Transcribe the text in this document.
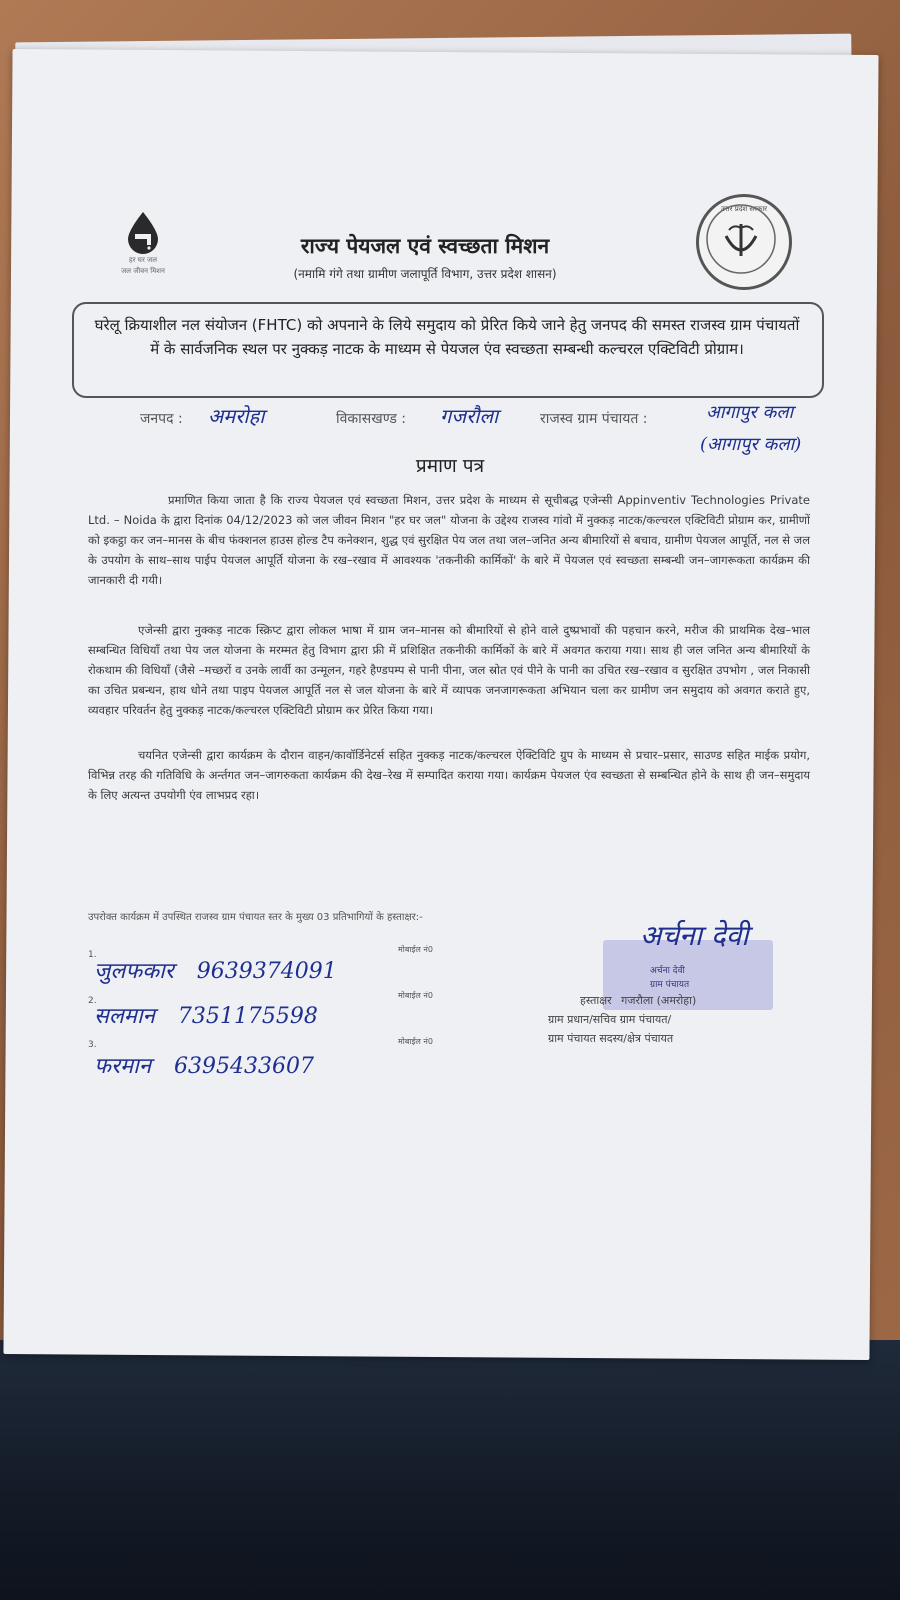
हर घर जल
जल जीवन मिशन
उत्तर प्रदेश सरकार
राज्य पेयजल एवं स्वच्छता मिशन
(नमामि गंगे तथा ग्रामीण जलापूर्ति विभाग, उत्तर प्रदेश शासन)
घरेलू क्रियाशील नल संयोजन (FHTC) को अपनाने के लिये समुदाय को प्रेरित किये जाने हेतु जनपद की समस्त राजस्व ग्राम पंचायतों में के सार्वजनिक स्थल पर नुक्कड़ नाटक के माध्यम से पेयजल एंव स्वच्छता सम्बन्धी कल्चरल एक्टिविटी प्रोग्राम।
जनपद : अमरोहा	विकासखण्ड : गजरौला	राजस्व ग्राम पंचायत :	आगापुर कला
(आगापुर कला)
प्रमाण पत्र
प्रमाणित किया जाता है कि राज्य पेयजल एवं स्वच्छता मिशन, उत्तर प्रदेश के माध्यम से सूचीबद्ध एजेन्सी Appinventiv Technologies Private Ltd. – Noida के द्वारा दिनांक 04/12/2023 को जल जीवन मिशन "हर घर जल" योजना के उद्देश्य राजस्व गांवो में नुक्कड़ नाटक/कल्चरल एक्टिविटी प्रोग्राम कर, ग्रामीणों को इकट्ठा कर जन–मानस के बीच फंक्शनल हाउस होल्ड टैप कनेक्शन, शुद्ध एवं सुरक्षित पेय जल तथा जल–जनित अन्य बीमारियों से बचाव, ग्रामीण पेयजल आपूर्ति, नल से जल के उपयोग के साथ–साथ पाईप पेयजल आपूर्ति योजना के रख–रखाव में आवश्यक 'तकनीकी कार्मिकों' के बारे में पेयजल एवं स्वच्छता सम्बन्धी जन–जागरूकता कार्यक्रम की जानकारी दी गयी।
एजेन्सी द्वारा नुक्कड़ नाटक स्क्रिप्ट द्वारा लोकल भाषा में ग्राम जन–मानस को बीमारियों से होने वाले दुष्प्रभावों की पहचान करने, मरीज की प्राथमिक देख–भाल सम्बन्धित विधियाँ तथा पेय जल योजना के मरम्मत हेतु विभाग द्वारा फ्री में प्रशिक्षित तकनीकी कार्मिकों के बारे में अवगत कराया गया। साथ ही जल जनित अन्य बीमारियों के रोकथाम की विधियाँ (जैसे –मच्छरों व उनके लार्वी का उन्मूलन, गहरे हैण्डपम्प से पानी पीना, जल स्रोत एवं पीने के पानी का उचित रख–रखाव व सुरक्षित उपभोग , जल निकासी का उचित प्रबन्धन, हाथ धोने तथा पाइप पेयजल आपूर्ति नल से जल योजना के बारे में व्यापक जनजागरूकता अभियान चला कर ग्रामीण जन समुदाय को अवगत कराते हुए, व्यवहार परिवर्तन हेतु नुक्कड़ नाटक/कल्चरल एक्टिविटी प्रोग्राम कर प्रेरित किया गया।
चयनित एजेन्सी द्वारा कार्यक्रम के दौरान वाहन/कावॉर्डिनेटर्स सहित नुक्कड़ नाटक/कल्चरल ऐक्टिविटि ग्रुप के माध्यम से प्रचार–प्रसार, साउण्ड सहित माईक प्रयोग, विभिन्न तरह की गतिविधि के अर्न्तगत जन–जागरुकता कार्यक्रम की देख–रेख में सम्पादित कराया गया। कार्यक्रम पेयजल एंव स्वच्छता से सम्बन्धित होने के साथ ही जन–समुदाय के लिए अत्यन्त उपयोगी एंव लाभप्रद रहा।
उपरोक्त कार्यक्रम में उपस्थित राजस्व ग्राम पंचायत स्तर के मुख्य 03 प्रतिभागियों के हस्ताक्षर:-
1.
मोबाईल नं0
जुलफकार 9639374091
2.
मोबाईल नं0
सलमान 7351175598
3.	मोबाईल नं0
फरमान 6395433607
अर्चना देवी
ग्राम पंचायत
अर्चना देवी
हस्ताक्षर गजरौला (अमरोहा)
ग्राम प्रधान/सचिव ग्राम पंचायत/
ग्राम पंचायत सदस्य/क्षेत्र पंचायत
